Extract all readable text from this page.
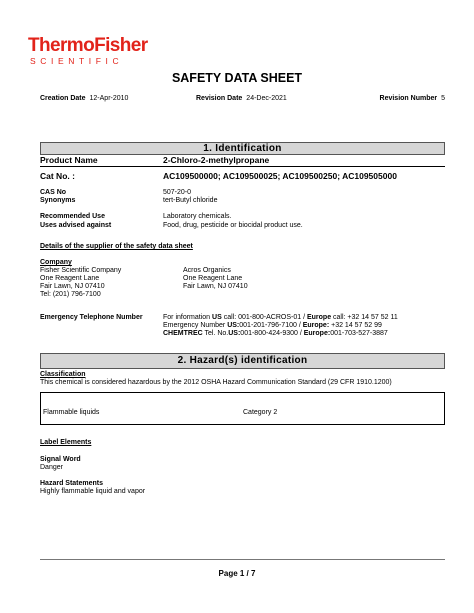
ThermoFisher
SCIENTIFIC
SAFETY DATA SHEET
Creation Date 12-Apr-2010	Revision Date 24-Dec-2021	Revision Number 5
1. Identification
Product Name	2-Chloro-2-methylpropane
Cat No. :	AC109500000; AC109500025; AC109500250; AC109505000
CAS No	507-20-0
Synonyms	tert-Butyl chloride
Recommended Use	Laboratory chemicals.
Uses advised against	Food, drug, pesticide or biocidal product use.
Details of the supplier of the safety data sheet
Company
Fisher Scientific Company
One Reagent Lane
Fair Lawn, NJ 07410
Tel: (201) 796-7100
Acros Organics
One Reagent Lane
Fair Lawn, NJ 07410
Emergency Telephone Number	For information US call: 001-800-ACROS-01 / Europe call: +32 14 57 52 11
Emergency Number US:001-201-796-7100 / Europe: +32 14 57 52 99
CHEMTREC Tel. No.US:001-800-424-9300 / Europe:001-703-527-3887
2. Hazard(s) identification
Classification
This chemical is considered hazardous by the 2012 OSHA Hazard Communication Standard (29 CFR 1910.1200)
Flammable liquids	Category 2
Label Elements
Signal Word
Danger
Hazard Statements
Highly flammable liquid and vapor
Page 1 / 7
